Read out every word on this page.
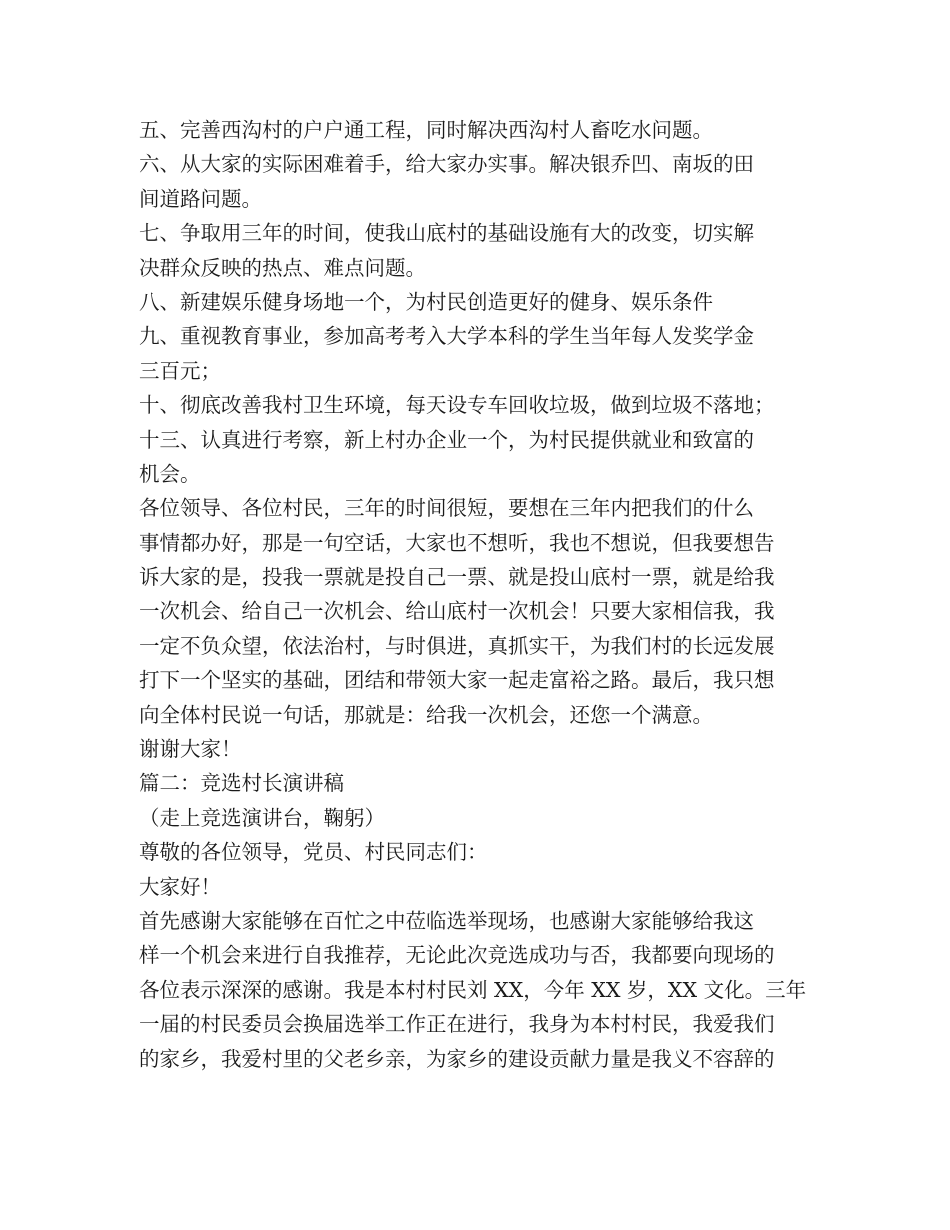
五、完善西沟村的户户通工程，同时解决西沟村人畜吃水问题。
六、从大家的实际困难着手，给大家办实事。解决银乔凹、南坂的田
间道路问题。
七、争取用三年的时间，使我山底村的基础设施有大的改变，切实解
决群众反映的热点、难点问题。
八、新建娱乐健身场地一个，为村民创造更好的健身、娱乐条件
九、重视教育事业，参加高考考入大学本科的学生当年每人发奖学金
三百元；
十、彻底改善我村卫生环境，每天设专车回收垃圾，做到垃圾不落地；
十三、认真进行考察，新上村办企业一个，为村民提供就业和致富的
机会。
各位领导、各位村民，三年的时间很短，要想在三年内把我们的什么
事情都办好，那是一句空话，大家也不想听，我也不想说，但我要想告
诉大家的是，投我一票就是投自己一票、就是投山底村一票，就是给我
一次机会、给自己一次机会、给山底村一次机会！只要大家相信我，我
一定不负众望，依法治村，与时俱进，真抓实干，为我们村的长远发展
打下一个坚实的基础，团结和带领大家一起走富裕之路。最后，我只想
向全体村民说一句话，那就是：给我一次机会，还您一个满意。
谢谢大家！
篇二：竞选村长演讲稿
（走上竞选演讲台，鞠躬）
尊敬的各位领导，党员、村民同志们：
大家好！
首先感谢大家能够在百忙之中莅临选举现场，也感谢大家能够给我这
样一个机会来进行自我推荐，无论此次竞选成功与否，我都要向现场的
各位表示深深的感谢。我是本村村民刘 XX，今年 XX 岁，XX 文化。三年
一届的村民委员会换届选举工作正在进行，我身为本村村民，我爱我们
的家乡，我爱村里的父老乡亲，为家乡的建设贡献力量是我义不容辞的
